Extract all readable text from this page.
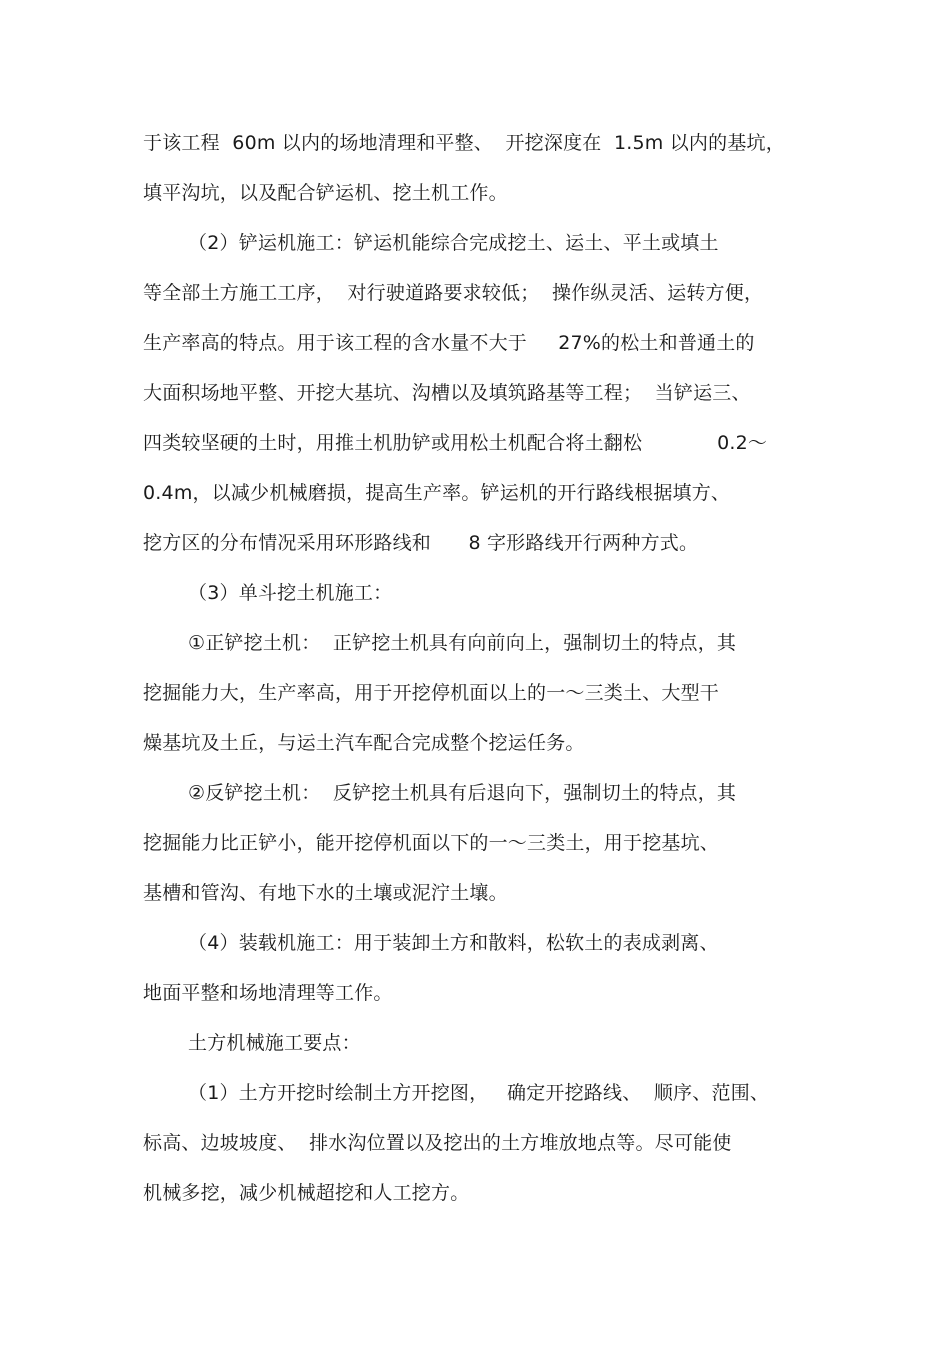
于该工程  60m 以内的场地清理和平整、  开挖深度在  1.5m 以内的基坑，
填平沟坑，以及配合铲运机、挖土机工作。
（2）铲运机施工：铲运机能综合完成挖土、运土、平土或填土
等全部土方施工工序，  对行驶道路要求较低；  操作纵灵活、运转方便，
生产率高的特点。用于该工程的含水量不大于     27%的松土和普通土的
大面积场地平整、开挖大基坑、沟槽以及填筑路基等工程；  当铲运三、
四类较坚硬的土时，用推土机肋铲或用松土机配合将土翻松            0.2～
0.4m，以减少机械磨损，提高生产率。铲运机的开行路线根据填方、
挖方区的分布情况采用环形路线和      8 字形路线开行两种方式。
（3）单斗挖土机施工：
①正铲挖土机：  正铲挖土机具有向前向上，强制切土的特点，其
挖掘能力大，生产率高，用于开挖停机面以上的一～三类土、大型干
燥基坑及土丘，与运土汽车配合完成整个挖运任务。
②反铲挖土机：  反铲挖土机具有后退向下，强制切土的特点，其
挖掘能力比正铲小，能开挖停机面以下的一～三类土，用于挖基坑、
基槽和管沟、有地下水的土壤或泥泞土壤。
（4）装载机施工：用于装卸土方和散料，松软土的表成剥离、
地面平整和场地清理等工作。
土方机械施工要点：
（1）土方开挖时绘制土方开挖图，   确定开挖路线、  顺序、范围、
标高、边坡坡度、  排水沟位置以及挖出的土方堆放地点等。尽可能使
机械多挖，减少机械超挖和人工挖方。
